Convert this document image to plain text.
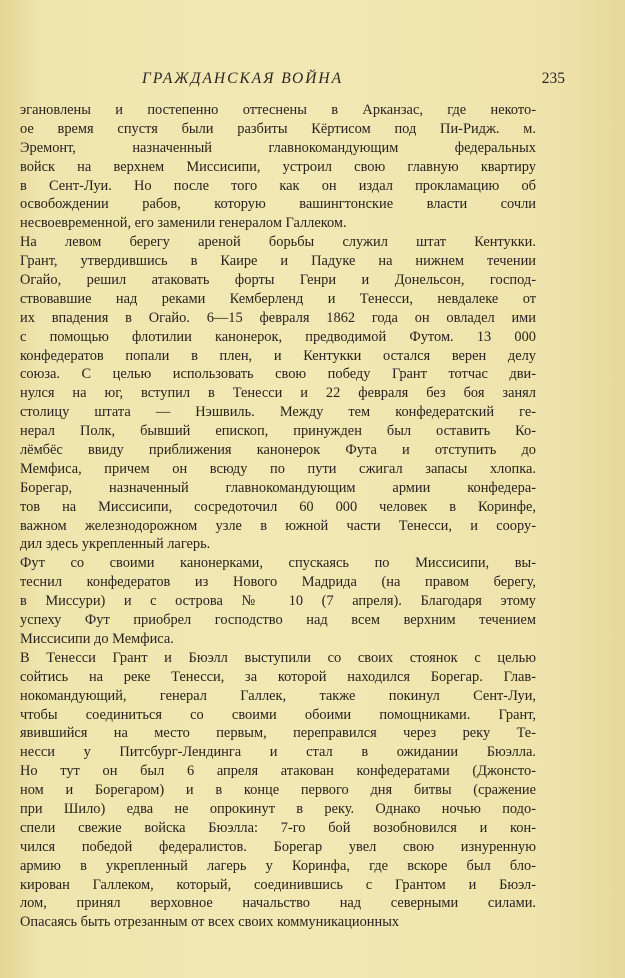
ГРАЖДАНСКАЯ ВОЙНА	235
эгановлены и постепенно оттеснены в Арканзас, где некото-
ое время спустя были разбиты Кёртисом под Пи-Ридж. м.
Эремонт, назначенный главнокомандующим федеральных
войск на верхнем Миссисипи, устроил свою главную квартиру
в Сент-Луи. Но после того как он издал прокламацию об
освобождении рабов, которую вашингтонские власти сочли
несвоевременной, его заменили генералом Галлеком.
На левом берегу ареной борьбы служил штат Кентукки.
Грант, утвердившись в Каире и Падуке на нижнем течении
Огайо, решил атаковать форты Генри и Донельсон, господ-
ствовавшие над реками Кемберленд и Тенесси, невдалеке от
их впадения в Огайо. 6—15 февраля 1862 года он овладел ими
с помощью флотилии канонерок, предводимой Футом. 13 000
конфедератов попали в плен, и Кентукки остался верен делу
союза. С целью использовать свою победу Грант тотчас дви-
нулся на юг, вступил в Тенесси и 22 февраля без боя занял
столицу штата — Нэшвиль. Между тем конфедератский ге-
нерал Полк, бывший епископ, принужден был оставить Ко-
лёмбёс ввиду приближения канонерок Фута и отступить до
Мемфиса, причем он всюду по пути сжигал запасы хлопка.
Борегар, назначенный главнокомандующим армии конфедера-
тов на Миссисипи, сосредоточил 60 000 человек в Коринфе,
важном железнодорожном узле в южной части Тенесси, и соору-
дил здесь укрепленный лагерь.
Фут со своими канонерками, спускаясь по Миссисипи, вы-
теснил конфедератов из Нового Мадрида (на правом берегу,
в Миссури) и с острова № 10 (7 апреля). Благодаря этому
успеху Фут приобрел господство над всем верхним течением
Миссисипи до Мемфиса.
В Тенесси Грант и Бюэлл выступили со своих стоянок с целью
сойтись на реке Тенесси, за которой находился Борегар. Глав-
нокомандующий, генерал Галлек, также покинул Сент-Луи,
чтобы соединиться со своими обоими помощниками. Грант,
явившийся на место первым, переправился через реку Те-
несси у Питсбург-Лендинга и стал в ожидании Бюэлла.
Но тут он был 6 апреля атакован конфедератами (Джонсто-
ном и Борегаром) и в конце первого дня битвы (сражение
при Шило) едва не опрокинут в реку. Однако ночью подо-
спели свежие войска Бюэлла: 7-го бой возобновился и кон-
чился победой федералистов. Борегар увел свою изнуренную
армию в укрепленный лагерь у Коринфа, где вскоре был бло-
кирован Галлеком, который, соединившись с Грантом и Бюэл-
лом, принял верховное начальство над северными силами.
Опасаясь быть отрезанным от всех своих коммуникационных
